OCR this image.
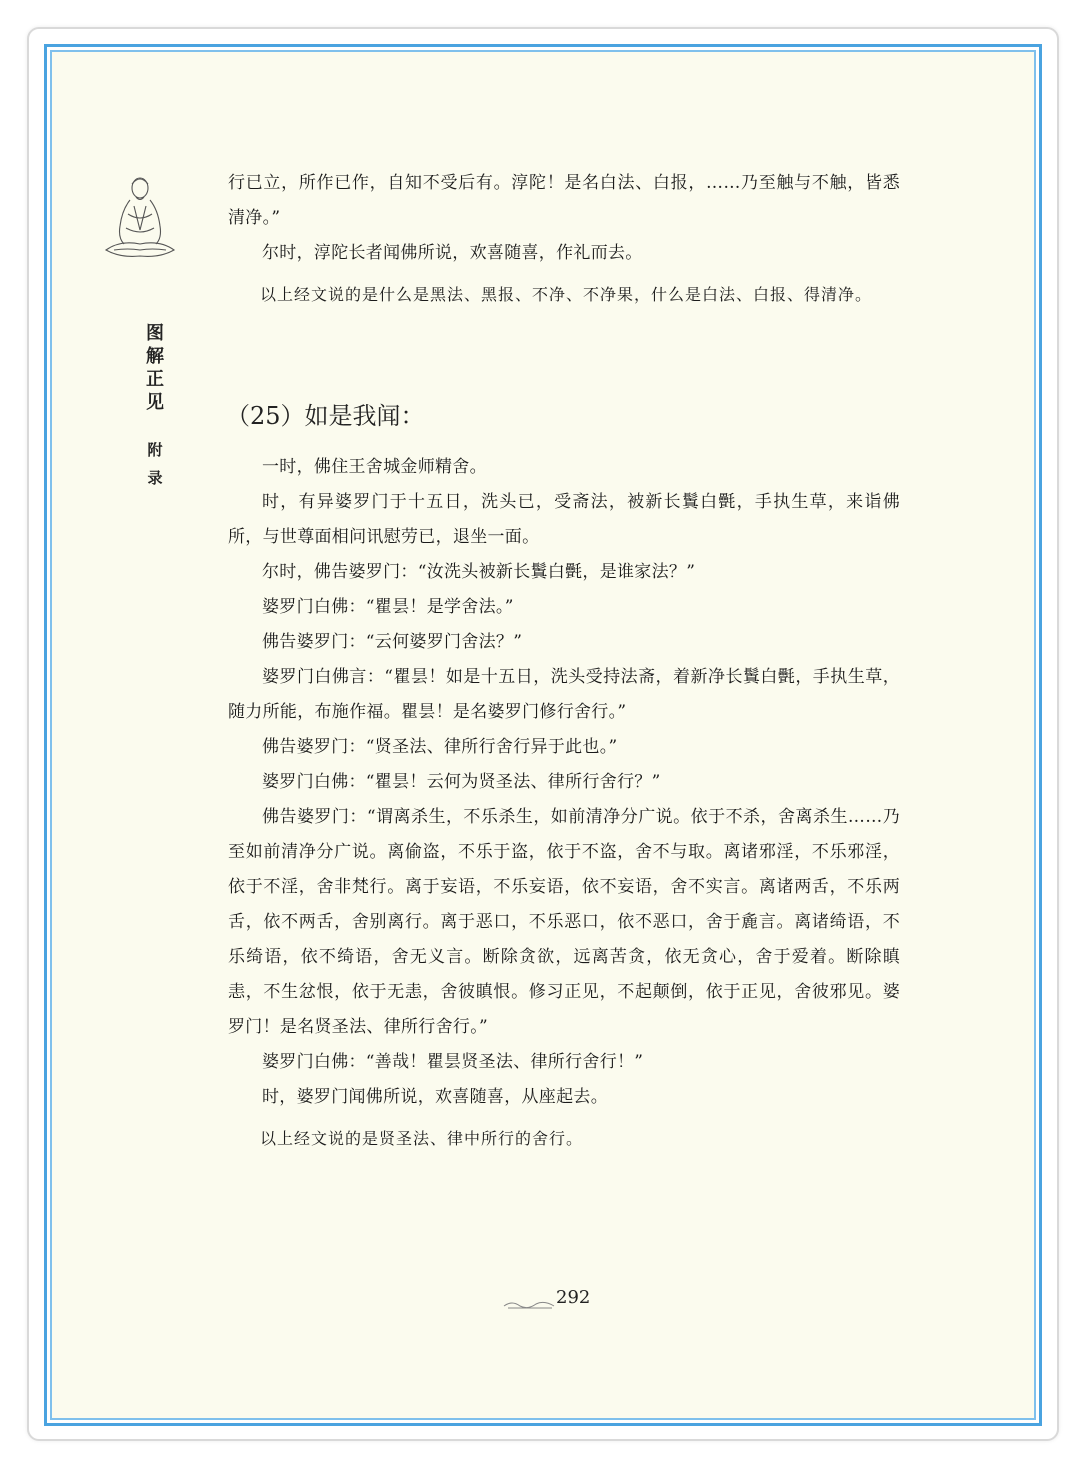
图
解
正
见
附
录

行已立，所作已作，自知不受后有。淳陀！是名白法、白报，……乃至触与不触，皆悉清净。”

尔时，淳陀长者闻佛所说，欢喜随喜，作礼而去。

以上经文说的是什么是黑法、黑报、不净、不净果，什么是白法、白报、得清净。

（25）如是我闻：

一时，佛住王舍城金师精舍。

时，有异婆罗门于十五日，洗头已，受斋法，被新长鬒白㲲，手执生草，来诣佛所，与世尊面相问讯慰劳已，退坐一面。

尔时，佛告婆罗门：“汝洗头被新长鬒白㲲，是谁家法？”

婆罗门白佛：“瞿昙！是学舍法。”

佛告婆罗门：“云何婆罗门舍法？”

婆罗门白佛言：“瞿昙！如是十五日，洗头受持法斋，着新净长鬒白㲲，手执生草，随力所能，布施作福。瞿昙！是名婆罗门修行舍行。”

佛告婆罗门：“贤圣法、律所行舍行异于此也。”

婆罗门白佛：“瞿昙！云何为贤圣法、律所行舍行？”

佛告婆罗门：“谓离杀生，不乐杀生，如前清净分广说。依于不杀，舍离杀生……乃至如前清净分广说。离偷盗，不乐于盗，依于不盗，舍不与取。离诸邪淫，不乐邪淫，依于不淫，舍非梵行。离于妄语，不乐妄语，依不妄语，舍不实言。离诸两舌，不乐两舌，依不两舌，舍别离行。离于恶口，不乐恶口，依不恶口，舍于麁言。离诸绮语，不乐绮语，依不绮语，舍无义言。断除贪欲，远离苦贪，依无贪心，舍于爱着。断除瞋恚，不生忿恨，依于无恚，舍彼瞋恨。修习正见，不起颠倒，依于正见，舍彼邪见。婆罗门！是名贤圣法、律所行舍行。”

婆罗门白佛：“善哉！瞿昙贤圣法、律所行舍行！”

时，婆罗门闻佛所说，欢喜随喜，从座起去。

以上经文说的是贤圣法、律中所行的舍行。

292
